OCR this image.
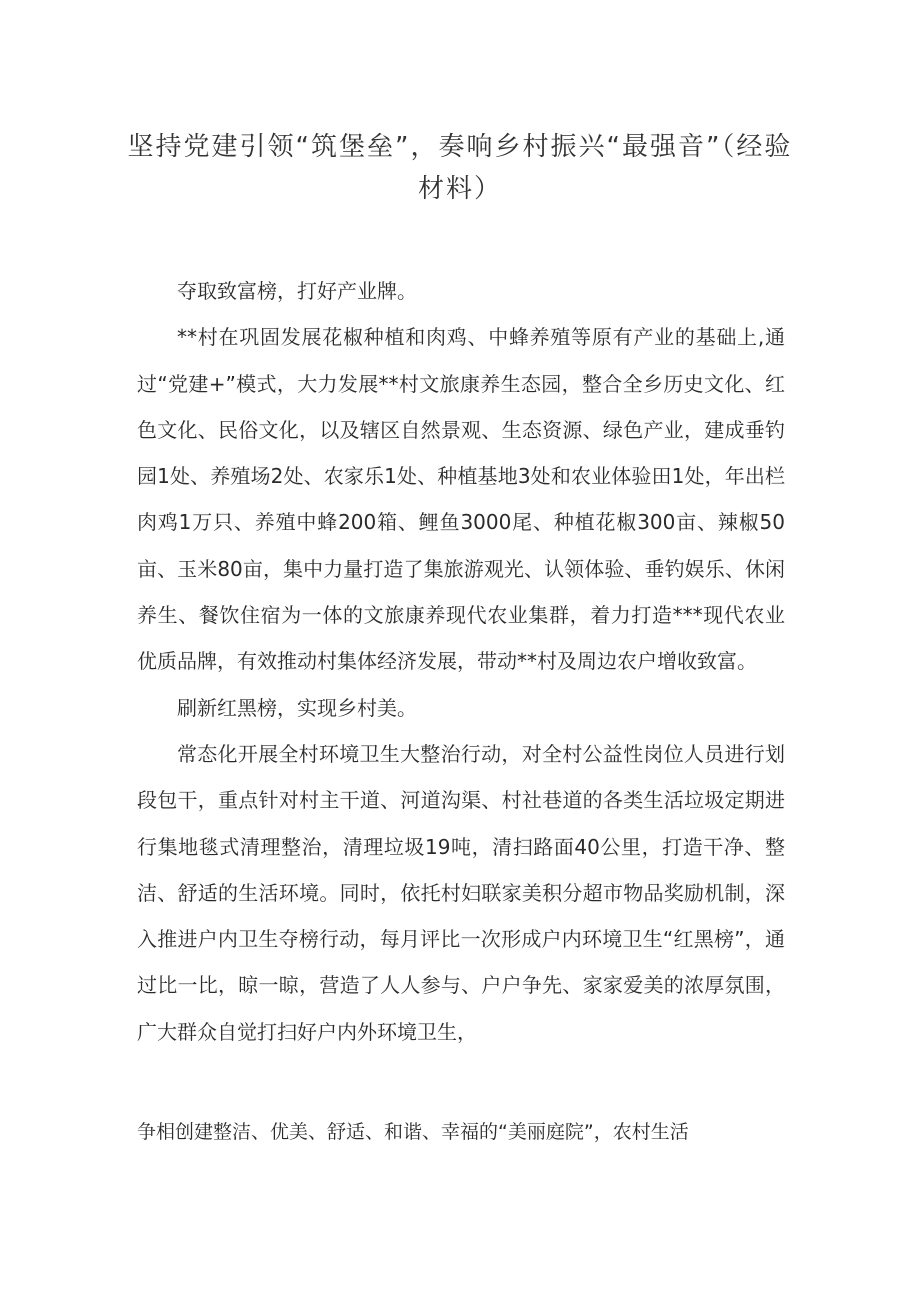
坚持党建引领“筑堡垒”，奏响乡村振兴“最强音”（经验材料）

夺取致富榜，打好产业牌。

**村在巩固发展花椒种植和肉鸡、中蜂养殖等原有产业的基础上,通过“党建+”模式，大力发展**村文旅康养生态园，整合全乡历史文化、红色文化、民俗文化，以及辖区自然景观、生态资源、绿色产业，建成垂钓园1处、养殖场2处、农家乐1处、种植基地3处和农业体验田1处，年出栏肉鸡1万只、养殖中蜂200箱、鲤鱼3000尾、种植花椒300亩、辣椒50亩、玉米80亩，集中力量打造了集旅游观光、认领体验、垂钓娱乐、休闲养生、餐饮住宿为一体的文旅康养现代农业集群，着力打造***现代农业优质品牌，有效推动村集体经济发展，带动**村及周边农户增收致富。

刷新红黑榜，实现乡村美。

常态化开展全村环境卫生大整治行动，对全村公益性岗位人员进行划段包干，重点针对村主干道、河道沟渠、村社巷道的各类生活垃圾定期进行集地毯式清理整治，清理垃圾19吨，清扫路面40公里，打造干净、整洁、舒适的生活环境。同时，依托村妇联家美积分超市物品奖励机制，深入推进户内卫生夺榜行动，每月评比一次形成户内环境卫生“红黑榜”，通过比一比，晾一晾，营造了人人参与、户户争先、家家爱美的浓厚氛围，广大群众自觉打扫好户内外环境卫生，

争相创建整洁、优美、舒适、和谐、幸福的“美丽庭院”，农村生活
